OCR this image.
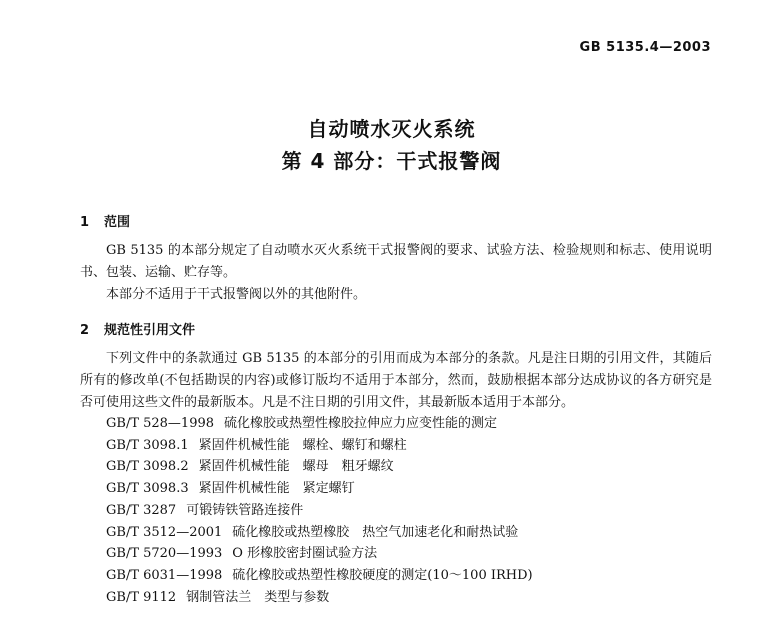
GB 5135.4—2003
自动喷水灭火系统
第 4 部分：干式报警阀
1 范围
GB 5135 的本部分规定了自动喷水灭火系统干式报警阀的要求、试验方法、检验规则和标志、使用说明书、包装、运输、贮存等。
本部分不适用于干式报警阀以外的其他附件。
2 规范性引用文件
下列文件中的条款通过 GB 5135 的本部分的引用而成为本部分的条款。凡是注日期的引用文件，其随后所有的修改单(不包括勘误的内容)或修订版均不适用于本部分，然而，鼓励根据本部分达成协议的各方研究是否可使用这些文件的最新版本。凡是不注日期的引用文件，其最新版本适用于本部分。
GB/T 528—1998 硫化橡胶或热塑性橡胶拉伸应力应变性能的测定
GB/T 3098.1 紧固件机械性能　螺栓、螺钉和螺柱
GB/T 3098.2 紧固件机械性能　螺母　粗牙螺纹
GB/T 3098.3 紧固件机械性能　紧定螺钉
GB/T 3287 可锻铸铁管路连接件
GB/T 3512—2001 硫化橡胶或热塑橡胶　热空气加速老化和耐热试验
GB/T 5720—1993 O 形橡胶密封圈试验方法
GB/T 6031—1998 硫化橡胶或热塑性橡胶硬度的测定(10～100 IRHD)
GB/T 9112 钢制管法兰　类型与参数
